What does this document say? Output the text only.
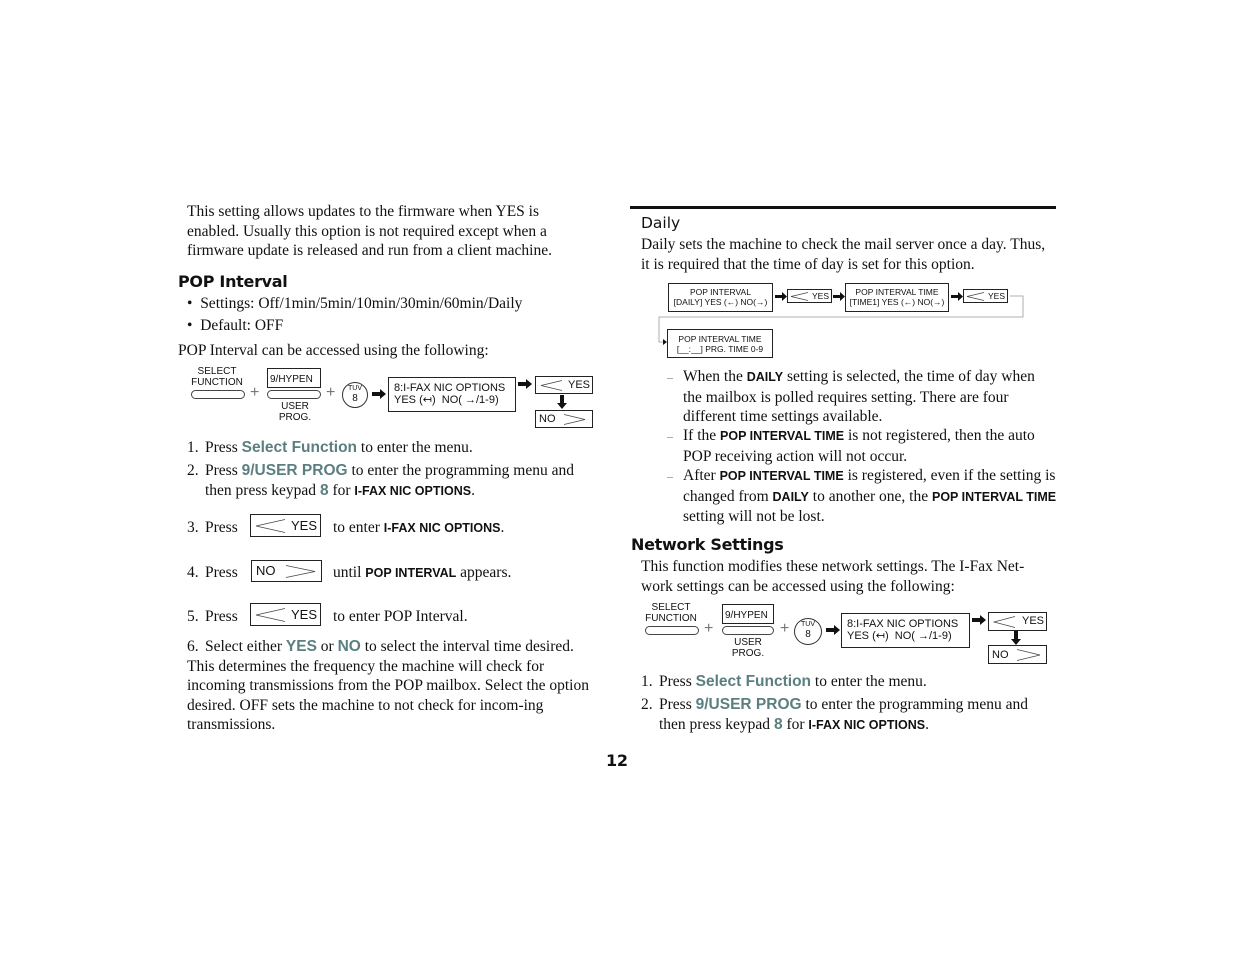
This setting allows updates to the firmware when YES is enabled. Usually this option is not required except when a firmware update is released and run from a client machine.
POP Interval
•  Settings: Off/1min/5min/10min/30min/60min/Daily
•  Default: OFF
POP Interval can be accessed using the following:
SELECT
FUNCTION
+
9/HYPEN
USER
PROG.
+	TUV
8
8:I-FAX NIC OPTIONS
YES (↤)  NO( →/1-9)
YES
NO
1. Press Select Function to enter the menu.
2. Press 9/USER PROG to enter the programming menu and
then press keypad 8 for I-FAX NIC OPTIONS.
3. Press	YES to enter I-FAX NIC OPTIONS.
4. Press NO	until POP INTERVAL appears.
5. Press	YES to enter POP Interval.
6. Select either YES or NO to select the interval time desired.
This determines the frequency the machine will check for incoming transmissions from the POP mailbox. Select the option desired. OFF sets the machine to not check for incom-ing transmissions.
Daily
Daily sets the machine to check the mail server once a day. Thus, it is required that the time of day is set for this option.
POP INTERVAL
[DAILY] YES (←) NO(→)
YES	POP INTERVAL TIME
[TIME1] YES (←) NO(→)
YES
POP INTERVAL TIME
[__:__] PRG. TIME 0-9
– When the DAILY setting is selected, the time of day when the mailbox is polled requires setting. There are four different time settings available.
– If the POP INTERVAL TIME is not registered, then the auto POP receiving action will not occur.
– After POP INTERVAL TIME is registered, even if the setting is changed from DAILY to another one, the POP INTERVAL TIME setting will not be lost.
Network Settings
This function modifies these network settings. The I-Fax Net-work settings can be accessed using the following:
SELECT
FUNCTION
+
9/HYPEN
USER
PROG.
+	TUV
8
8:I-FAX NIC OPTIONS
YES (↤)  NO( →/1-9)
YES
NO
1. Press Select Function to enter the menu.
2. Press 9/USER PROG to enter the programming menu and
then press keypad 8 for I-FAX NIC OPTIONS.
12
